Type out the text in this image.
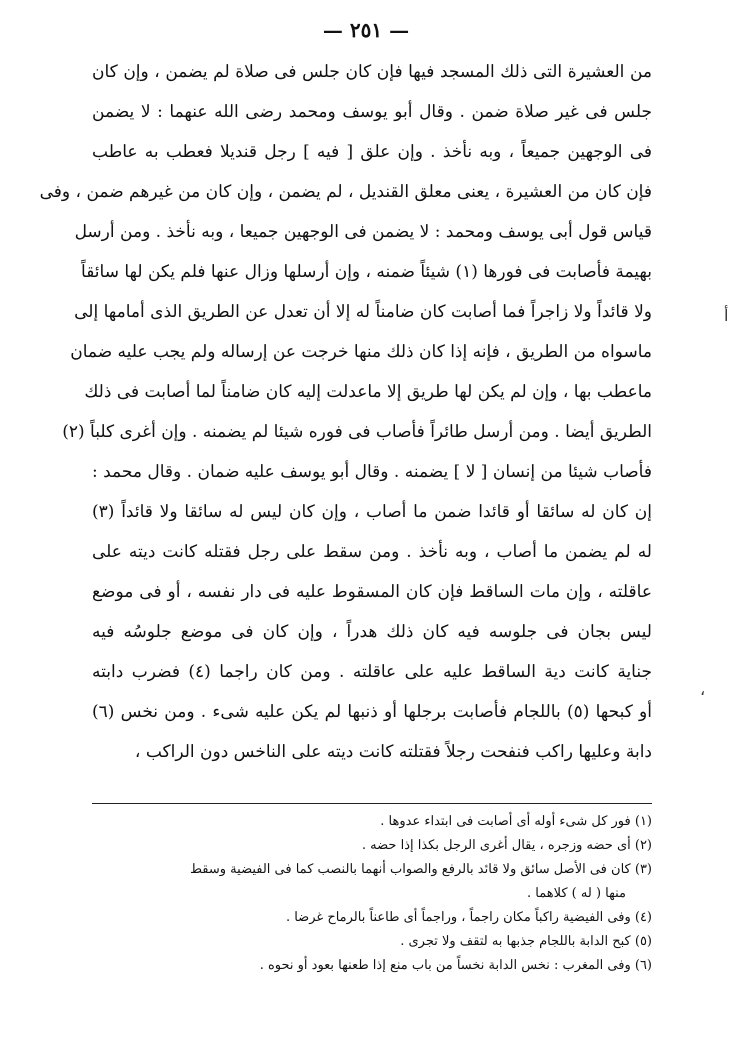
— ٢٥١ —
أ
،
من العشيرة التى ذلك المسجد فيها فإن كان جلس فى صلاة لم يضمن ، وإن كان
جلس فى غير صلاة ضمن . وقال أبو يوسف ومحمد رضى الله عنهما : لا يضمن
فى الوجهين جميعاً ، وبه نأخذ . وإن علق [ فيه ] رجل قنديلا فعطب به عاطب
فإن كان من العشيرة ، يعنى معلق القنديل ، لم يضمن ، وإن كان من غيرهم ضمن ، وفى
قياس قول أبى يوسف ومحمد : لا يضمن فى الوجهين جميعا ، وبه نأخذ . ومن أرسل
بهيمة فأصابت فى فورها (١) شيئاً ضمنه ، وإن أرسلها وزال عنها فلم يكن لها سائقاً
ولا قائداً ولا زاجراً فما أصابت كان ضامناً له إلا أن تعدل عن الطريق الذى أمامها إلى
ماسواه من الطريق ، فإنه إذا كان ذلك منها خرجت عن إرساله ولم يجب عليه ضمان
ماعطب بها ، وإن لم يكن لها طريق إلا ماعدلت إليه كان ضامناً لما أصابت فى ذلك
الطريق أيضا . ومن أرسل طائراً فأصاب فى فوره شيئا لم يضمنه . وإن أغرى كلباً (٢)
فأصاب شيئا من إنسان [ لا ] يضمنه . وقال أبو يوسف عليه ضمان . وقال محمد :
إن كان له سائقا أو قائدا ضمن ما أصاب ، وإن كان ليس له سائقا ولا قائداً (٣)
له لم يضمن ما أصاب ، وبه نأخذ . ومن سقط على رجل فقتله كانت ديته على
عاقلته ، وإن مات الساقط فإن كان المسقوط عليه فى دار نفسه ، أو فى موضع
ليس بجان فى جلوسه فيه كان ذلك هدراً ، وإن كان فى موضع جلوسُه فيه
جناية كانت دية الساقط عليه على عاقلته . ومن كان راجما (٤) فضرب دابته
أو كبحها (٥) باللجام فأصابت برجلها أو ذنبها لم يكن عليه شىء . ومن نخس (٦)
دابة وعليها راكب فنفحت رجلاً فقتلته كانت ديته على الناخس دون الراكب ،
(١) فور كل شىء أوله أى أصابت فى ابتداء عدوها .
(٢) أى حضه وزجره ، يقال أغرى الرجل بكذا إذا حضه .
(٣) كان فى الأصل سائق ولا قائد بالرفع والصواب أنهما بالنصب كما فى الفيضية وسقط
منها ( له ) كلاهما .
(٤) وفى الفيضية راكباً مكان راجماً ، وراجماً أى طاعناً بالرماح غرضا .
(٥) كبح الدابة باللجام جذبها به لتقف ولا تجرى .
(٦) وفى المغرب : نخس الدابة نخساً من باب منع إذا طعنها بعود أو نحوه .
